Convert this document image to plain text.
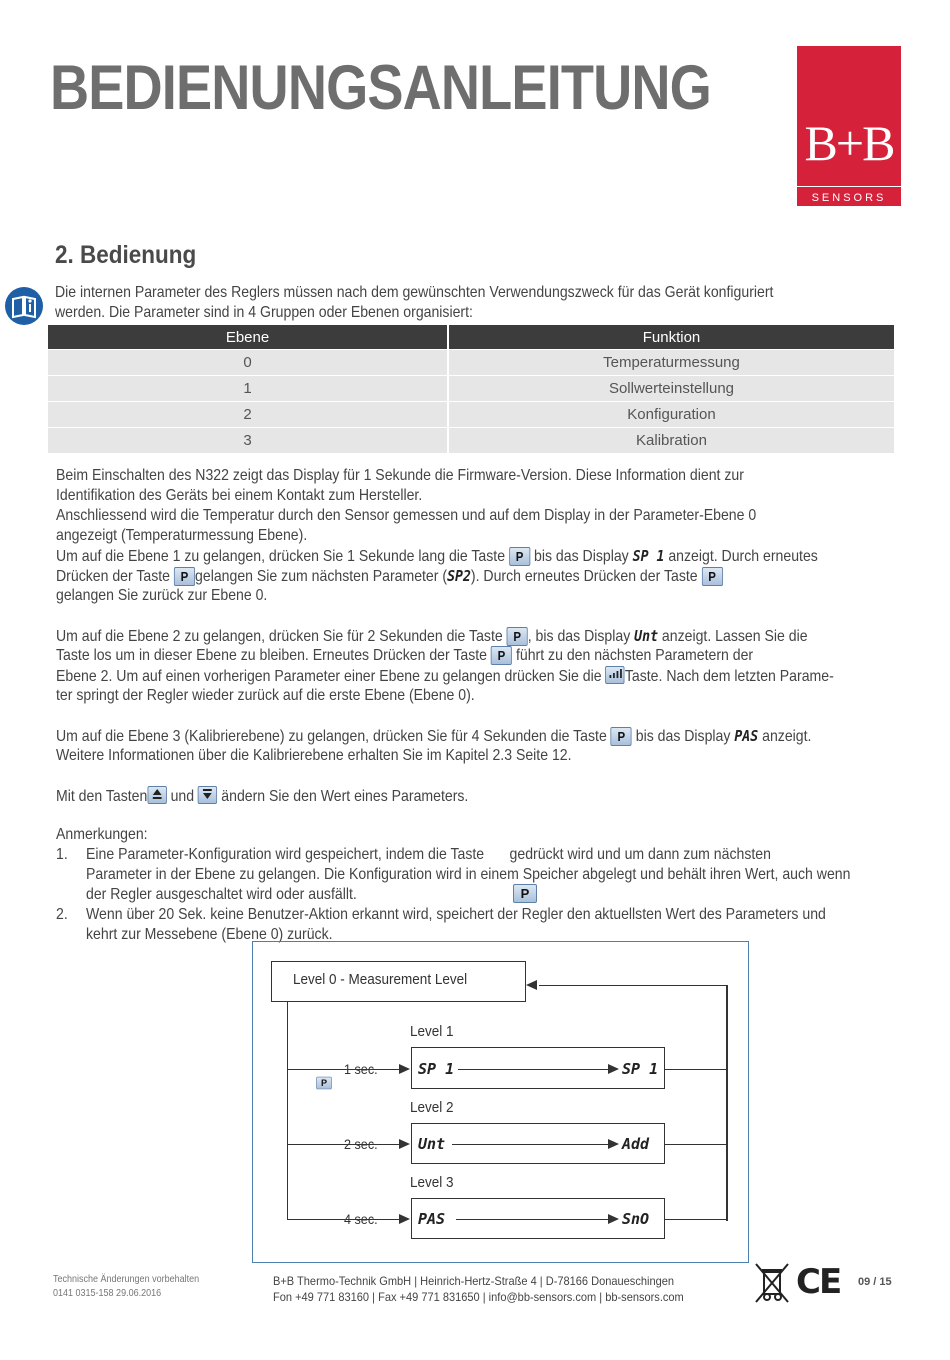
BEDIENUNGSANLEITUNG
B+B
SENSORS
2. Bedienung
Die internen Parameter des Reglers müssen nach dem gewünschten Verwendungszweck für das Gerät konfiguriert
werden. Die Parameter sind in 4 Gruppen oder Ebenen organisiert:
Ebene	Funktion
0	Temperaturmessung
1	Sollwerteinstellung
2	Konfiguration
3	Kalibration
Beim Einschalten des N322 zeigt das Display für 1 Sekunde die Firmware-Version. Diese Information dient zur
Identifikation des Geräts bei einem Kontakt zum Hersteller.
Anschliessend wird die Temperatur durch den Sensor gemessen und auf dem Display in der Parameter-Ebene 0
angezeigt (Temperaturmessung Ebene).
Um auf die Ebene 1 zu gelangen, drücken Sie 1 Sekunde lang die Taste P bis das Display SP 1 anzeigt. Durch erneutes
Drücken der Taste P gelangen Sie zum nächsten Parameter (SP2). Durch erneutes Drücken der Taste P
gelangen Sie zurück zur Ebene 0.
Um auf die Ebene 2 zu gelangen, drücken Sie für 2 Sekunden die Taste P , bis das Display Unt anzeigt. Lassen Sie die
Taste los um in dieser Ebene zu bleiben. Erneutes Drücken der Taste P führt zu den nächsten Parametern der
Ebene 2. Um auf einen vorherigen Parameter einer Ebene zu gelangen drücken Sie die Taste. Nach dem letzten Parame-
ter springt der Regler wieder zurück auf die erste Ebene (Ebene 0).
Um auf die Ebene 3 (Kalibrierebene) zu gelangen, drücken Sie für 4 Sekunden die Taste P bis das Display PAS anzeigt.
Weitere Informationen über die Kalibrierebene erhalten Sie im Kapitel 2.3 Seite 12.
Mit den Tasten und ändern Sie den Wert eines Parameters.
Anmerkungen:
1. Eine Parameter-Konfiguration wird gespeichert, indem die Taste gedrückt wird und um dann zum nächsten
Parameter in der Ebene zu gelangen. Die Konfiguration wird in einem Speicher abgelegt und behält ihren Wert, auch wenn
der Regler ausgeschaltet wird oder ausfällt.	P
2. Wenn über 20 Sek. keine Benutzer-Aktion erkannt wird, speichert der Regler den aktuellsten Wert des Parameters und
kehrt zur Messebene (Ebene 0) zurück.
Level 0 - Measurement Level
Level 1
P
1 sec.	SP 1	SP 1
Level 2
2 sec.	Unt	Add
Level 3
4 sec.	PAS	SnO
Technische Änderungen vorbehalten
0141 0315-158 29.06.2016
B+B Thermo-Technik GmbH | Heinrich-Hertz-Straße 4 | D-78166 Donaueschingen
Fon +49 771 83160 | Fax +49 771 831650 | info@bb-sensors.com | bb-sensors.com	CE 09 / 15
